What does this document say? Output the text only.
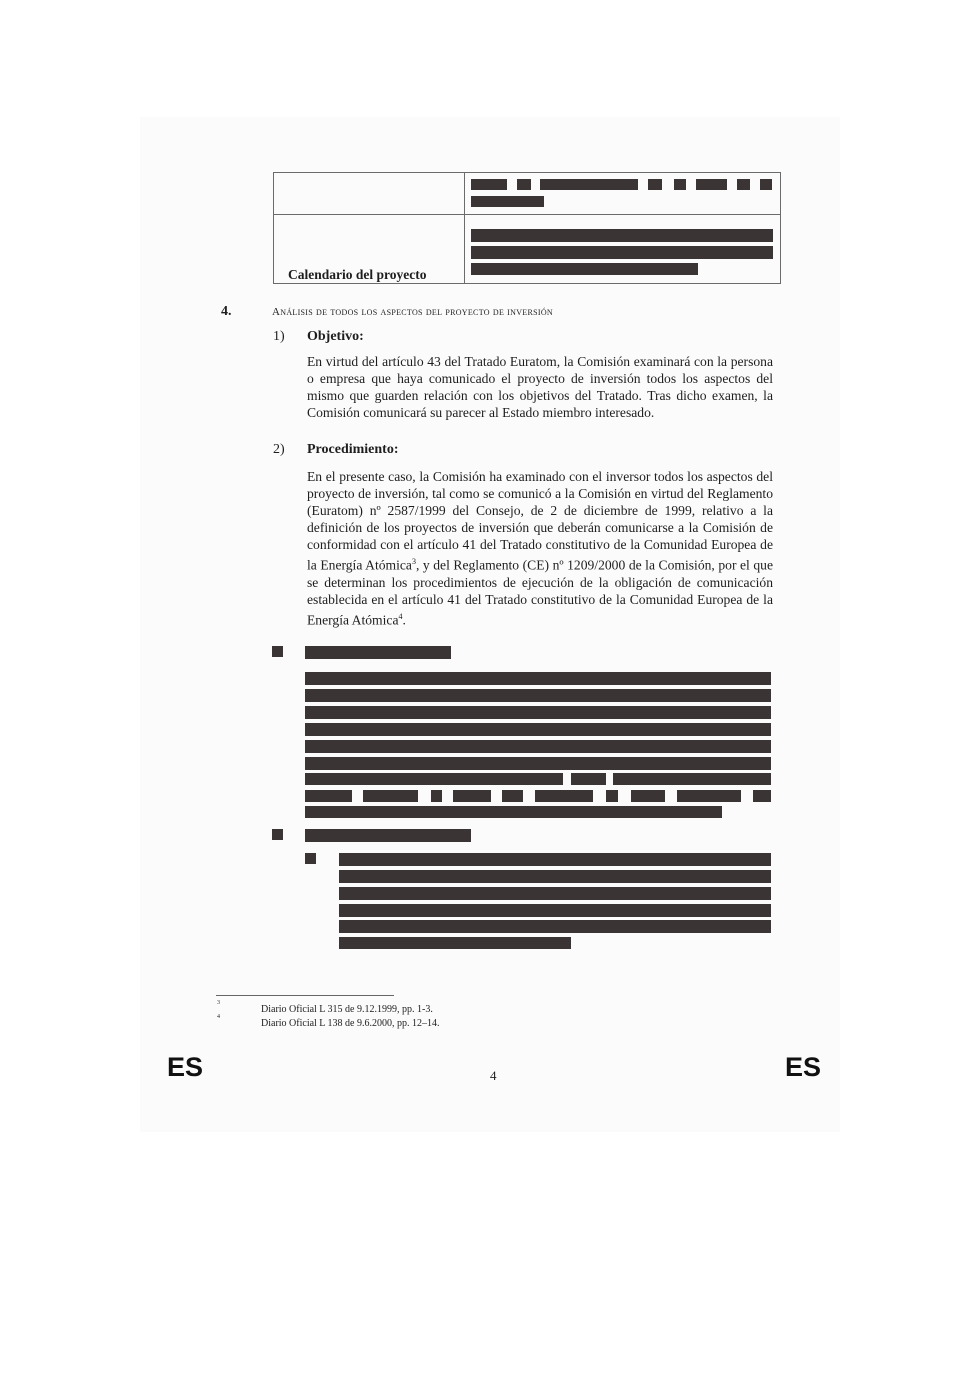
Calendario del proyecto	

4.	Análisis de todos los aspectos del proyecto de inversión
1) Objetivo:
En virtud del artículo 43 del Tratado Euratom, la Comisión examinará con la persona o empresa que haya comunicado el proyecto de inversión todos los aspectos del mismo que guarden relación con los objetivos del Tratado. Tras dicho examen, la Comisión comunicará su parecer al Estado miembro interesado.
2) Procedimiento:
En el presente caso, la Comisión ha examinado con el inversor todos los aspectos del proyecto de inversión, tal como se comunicó a la Comisión en virtud del Reglamento (Euratom) nº 2587/1999 del Consejo, de 2 de diciembre de 1999, relativo a la definición de los proyectos de inversión que deberán comunicarse a la Comisión de conformidad con el artículo 41 del Tratado constitutivo de la Comunidad Europea de la Energía Atómica$^3$, y del Reglamento (CE) nº 1209/2000 de la Comisión, por el que se determinan los procedimientos de ejecución de la obligación de comunicación establecida en el artículo 41 del Tratado constitutivo de la Comunidad Europea de la Energía Atómica$^4$.
3
Diario Oficial L 315 de 9.12.1999, pp. 1-3.
4
Diario Oficial L 138 de 9.6.2000, pp. 12–14.
ES	4	ES
